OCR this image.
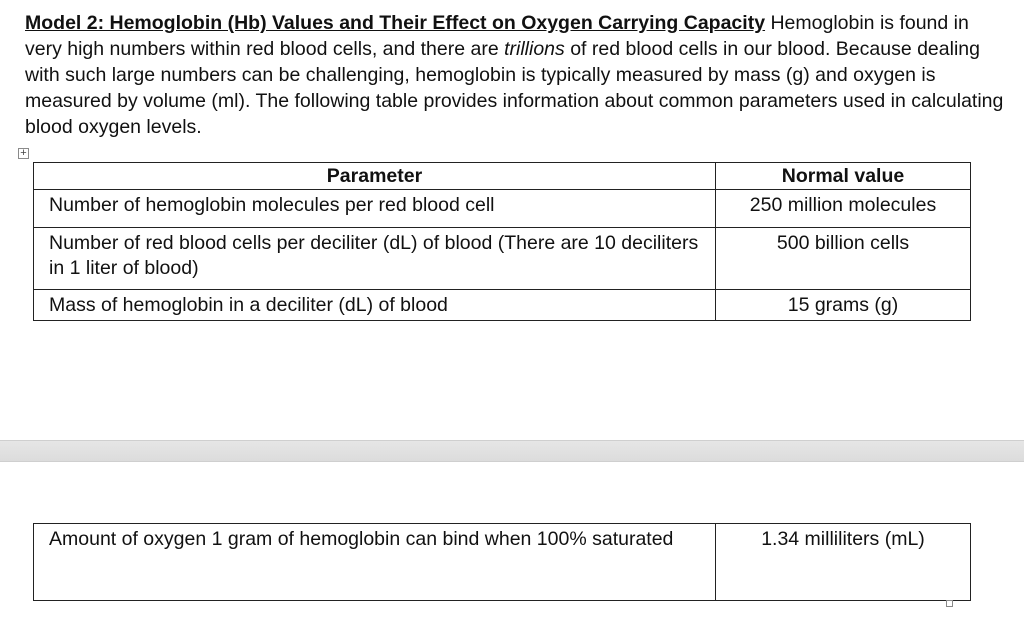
Model 2: Hemoglobin (Hb) Values and Their Effect on Oxygen Carrying Capacity Hemoglobin is found in very high numbers within red blood cells, and there are trillions of red blood cells in our blood. Because dealing with such large numbers can be challenging, hemoglobin is typically measured by mass (g) and oxygen is measured by volume (ml). The following table provides information about common parameters used in calculating blood oxygen levels.
+
Parameter	Normal value
Number of hemoglobin molecules per red blood cell	250 million molecules
Number of red blood cells per deciliter (dL) of blood (There are 10 deciliters in 1 liter of blood)	500 billion cells
Mass of hemoglobin in a deciliter (dL) of blood	15 grams (g)
Amount of oxygen 1 gram of hemoglobin can bind when 100% saturated	1.34 milliliters (mL)
